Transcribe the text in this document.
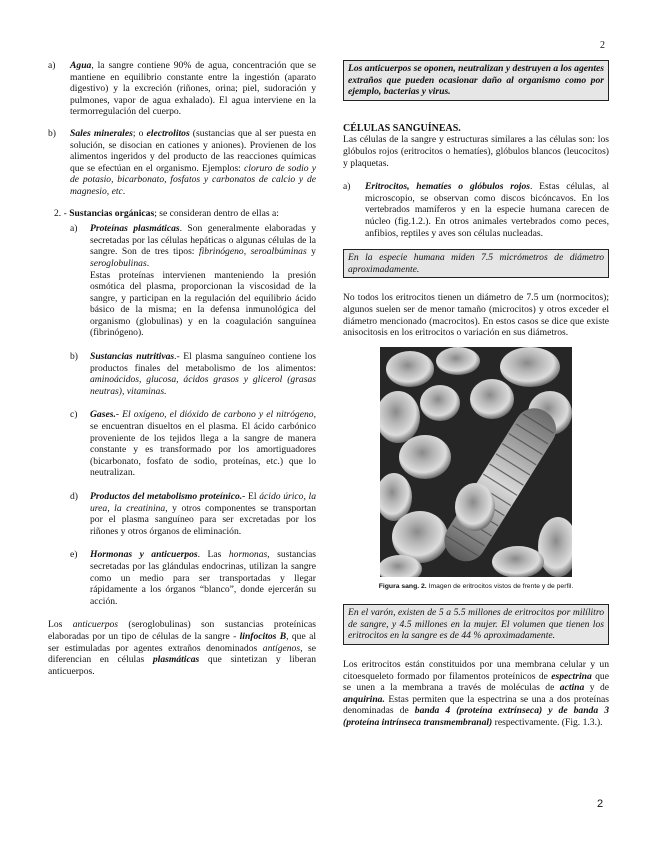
2
a)	Agua, la sangre contiene 90% de agua, concentración que se mantiene en equilibrio constante entre la ingestión (aparato digestivo) y la excreción (riñones, orina; piel, sudoración y pulmones, vapor de agua exhalado). El agua interviene en la termorregulación del cuerpo.
b)	Sales minerales; o electrolitos (sustancias que al ser puesta en solución, se disocian en cationes y aniones). Provienen de los alimentos ingeridos y del producto de las reacciones químicas que se efectúan en el organismo. Ejemplos: cloruro de sodio y de potasio, bicarbonato, fosfatos y carbonatos de calcio y de magnesio, etc.
2. - Sustancias orgánicas; se consideran dentro de ellas a:
a)	Proteínas plasmáticas. Son generalmente elaboradas y secretadas por las células hepáticas o algunas células de la sangre. Son de tres tipos: fibrinógeno, seroalbúminas y seroglobulinas.
Estas proteínas intervienen manteniendo la presión osmótica del plasma, proporcionan la viscosidad de la sangre, y participan en la regulación del equilibrio ácido básico de la misma; en la defensa inmunológica del organismo (globulinas) y en la coagulación sanguínea (fibrinógeno).
b)	Sustancias nutritivas.- El plasma sanguíneo contiene los productos finales del metabolismo de los alimentos: aminoácidos, glucosa, ácidos grasos y glicerol (grasas neutras), vitaminas.
c)	Gases.- El oxígeno, el dióxido de carbono y el nitrógeno, se encuentran disueltos en el plasma. El ácido carbónico proveniente de los tejidos llega a la sangre de manera constante y es transformado por los amortiguadores (bicarbonato, fosfato de sodio, proteínas, etc.) que lo neutralizan.
d)	Productos del metabolismo proteínico.- El ácido úrico, la urea, la creatinina, y otros componentes se transportan por el plasma sanguíneo para ser excretadas por los riñones y otros órganos de eliminación.
e)	Hormonas y anticuerpos. Las hormonas, sustancias secretadas por las glándulas endocrinas, utilizan la sangre como un medio para ser transportadas y llegar rápidamente a los órganos “blanco”, donde ejercerán su acción.
Los anticuerpos (seroglobulinas) son sustancias proteínicas elaboradas por un tipo de células de la sangre - linfocitos B, que al ser estimuladas por agentes extraños denominados antígenos, se diferencian en células plasmáticas que sintetizan y liberan anticuerpos.
Los anticuerpos se oponen, neutralizan y destruyen a los agentes extraños que pueden ocasionar daño al organismo como por ejemplo, bacterias y virus.
CÉLULAS SANGUÍNEAS.
Las células de la sangre y estructuras similares a las células son: los glóbulos rojos (eritrocitos o hematíes), glóbulos blancos (leucocitos) y plaquetas.
a)	Eritrocitos, hematíes o glóbulos rojos. Estas células, al microscopio, se observan como discos bicóncavos. En los vertebrados mamíferos y en la especie humana carecen de núcleo (fig.1.2.). En otros animales vertebrados como peces, anfibios, reptiles y aves son células nucleadas.
En la especie humana miden 7.5 micrómetros de diámetro aproximadamente.
No todos los eritrocitos tienen un diámetro de 7.5 um (normocitos); algunos suelen ser de menor tamaño (microcitos) y otros exceder el diámetro mencionado (macrocitos). En estos casos se dice que existe anisocitosis en los eritrocitos o variación en sus diámetros.
Figura sang. 2. Imagen de eritrocitos vistos de frente y de perfil.
En el varón, existen de 5 a 5.5 millones de eritrocitos por milílitro de sangre, y 4.5 millones en la mujer. El volumen que tienen los eritrocitos en la sangre es de 44 % aproximadamente.
Los eritrocitos están constituidos por una membrana celular y un citoesqueleto formado por filamentos proteínicos de espectrina que se unen a la membrana a través de moléculas de actina y de anquirina. Estas permiten que la espectrina se una a dos proteínas denominadas de banda 4 (proteína extrínseca) y de banda 3 (proteína intrínseca transmembranal) respectivamente. (Fig. 1.3.).
2
